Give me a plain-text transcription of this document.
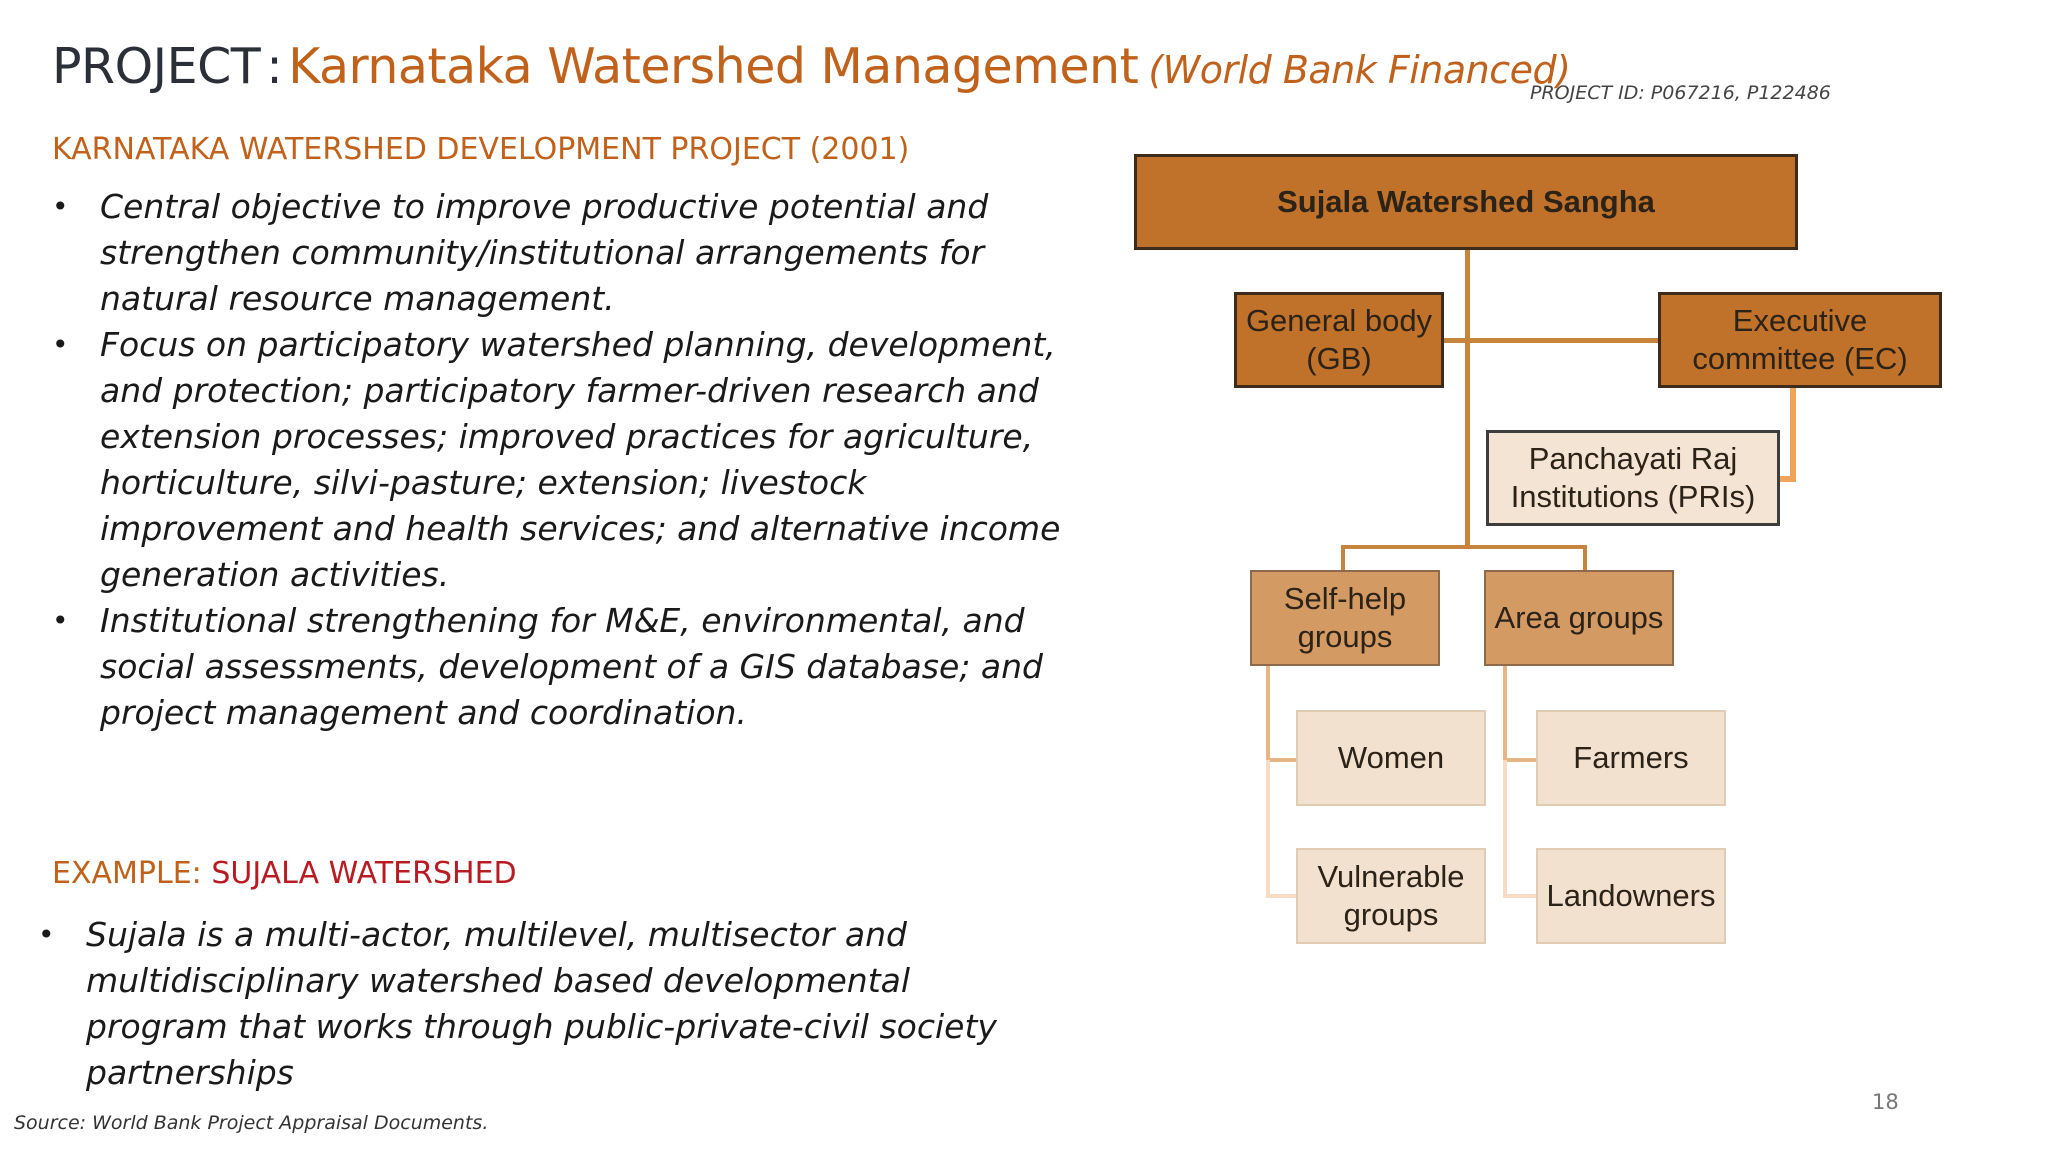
PROJECT : Karnataka Watershed Management (World Bank Financed)
PROJECT ID: P067216, P122486
KARNATAKA WATERSHED DEVELOPMENT PROJECT (2001)
• Central objective to improve productive potential and strengthen community/institutional arrangements for natural resource management.
• Focus on participatory watershed planning, development, and protection; participatory farmer-driven research and extension processes; improved practices for agriculture, horticulture, silvi-pasture; extension; livestock improvement and health services; and alternative income generation activities.
• Institutional strengthening for M&E, environmental, and social assessments, development of a GIS database; and project management and coordination.
EXAMPLE: SUJALA WATERSHED
• Sujala is a multi-actor, multilevel, multisector and multidisciplinary watershed based developmental program that works through public-private-civil society partnerships
Source: World Bank Project Appraisal Documents.
18
Sujala Watershed Sangha
General body
(GB)
Executive
committee (EC)
Panchayati Raj
Institutions (PRIs)
Self-help
groups
Area groups
Women
Vulnerable
groups
Farmers
Landowners
